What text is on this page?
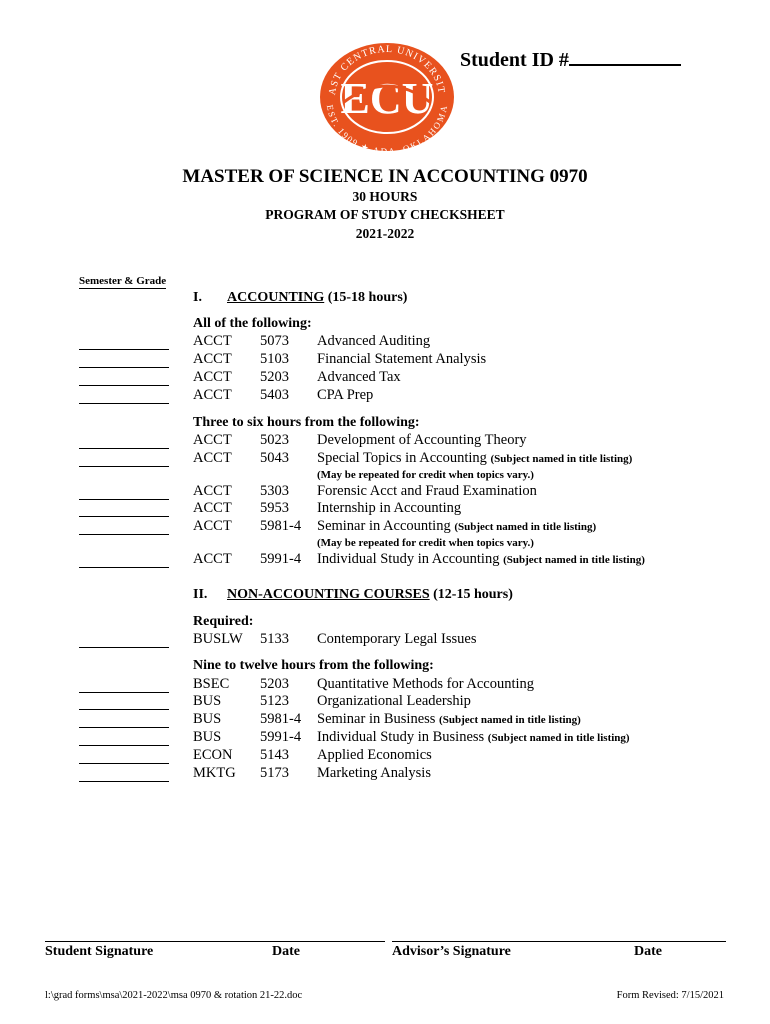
AST CENTRAL UNIVERSIT
EST. 1909 ★ ADA, OKLAHOMA
ECU
Student ID #
MASTER OF SCIENCE IN ACCOUNTING 0970
30 HOURS
PROGRAM OF STUDY CHECKSHEET
2021-2022
Semester & Grade
I. ACCOUNTING (15-18 hours)
All of the following:
ACCT 5073 Advanced Auditing
ACCT 5103 Financial Statement Analysis
ACCT 5203 Advanced Tax
ACCT 5403 CPA Prep
Three to six hours from the following:
ACCT 5023 Development of Accounting Theory
ACCT 5043 Special Topics in Accounting (Subject named in title listing)
(May be repeated for credit when topics vary.)
ACCT 5303 Forensic Acct and Fraud Examination
ACCT 5953 Internship in Accounting
ACCT 5981-4 Seminar in Accounting (Subject named in title listing)
(May be repeated for credit when topics vary.)
ACCT 5991-4 Individual Study in Accounting (Subject named in title listing)
II. NON-ACCOUNTING COURSES (12-15 hours)
Required:
BUSLW 5133 Contemporary Legal Issues
Nine to twelve hours from the following:
BSEC 5203 Quantitative Methods for Accounting
BUS	5123 Organizational Leadership
BUS	5981-4 Seminar in Business (Subject named in title listing)
BUS	5991-4 Individual Study in Business (Subject named in title listing)
ECON 5143 Applied Economics
MKTG 5173 Marketing Analysis
Student Signature	Date	Advisor’s Signature	Date
l:\grad forms\msa\2021-2022\msa 0970 & rotation 21-22.doc	Form Revised: 7/15/2021
